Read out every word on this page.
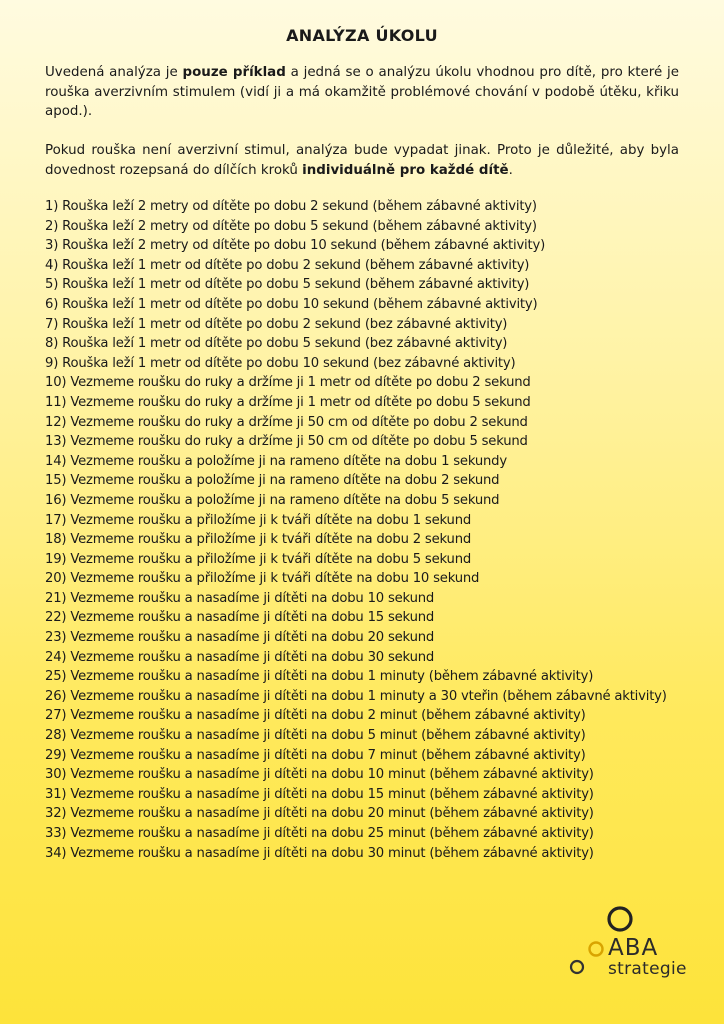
ANALÝZA ÚKOLU

Uvedená analýza je pouze příklad a jedná se o analýzu úkolu vhodnou pro dítě, pro které je rouška averzivním stimulem (vidí ji a má okamžitě problémové chování v podobě útěku, křiku apod.).

Pokud rouška není averzivní stimul, analýza bude vypadat jinak. Proto je důležité, aby byla dovednost rozepsaná do dílčích kroků individuálně pro každé dítě.

1) Rouška leží 2 metry od dítěte po dobu 2 sekund (během zábavné aktivity)
2) Rouška leží 2 metry od dítěte po dobu 5 sekund (během zábavné aktivity)
3) Rouška leží 2 metry od dítěte po dobu 10 sekund (během zábavné aktivity)
4) Rouška leží 1 metr od dítěte po dobu 2 sekund (během zábavné aktivity)
5) Rouška leží 1 metr od dítěte po dobu 5 sekund (během zábavné aktivity)
6) Rouška leží 1 metr od dítěte po dobu 10 sekund (během zábavné aktivity)
7) Rouška leží 1 metr od dítěte po dobu 2 sekund (bez zábavné aktivity)
8) Rouška leží 1 metr od dítěte po dobu 5 sekund (bez zábavné aktivity)
9) Rouška leží 1 metr od dítěte po dobu 10 sekund (bez zábavné aktivity)
10) Vezmeme roušku do ruky a držíme ji 1 metr od dítěte po dobu 2 sekund
11) Vezmeme roušku do ruky a držíme ji 1 metr od dítěte po dobu 5 sekund
12) Vezmeme roušku do ruky a držíme ji 50 cm od dítěte po dobu 2 sekund
13) Vezmeme roušku do ruky a držíme ji 50 cm od dítěte po dobu 5 sekund
14) Vezmeme roušku a položíme ji na rameno dítěte na dobu 1 sekundy
15) Vezmeme roušku a položíme ji na rameno dítěte na dobu 2 sekund
16) Vezmeme roušku a položíme ji na rameno dítěte na dobu 5 sekund
17) Vezmeme roušku a přiložíme ji k tváři dítěte na dobu 1 sekund
18) Vezmeme roušku a přiložíme ji k tváři dítěte na dobu 2 sekund
19) Vezmeme roušku a přiložíme ji k tváři dítěte na dobu 5 sekund
20) Vezmeme roušku a přiložíme ji k tváři dítěte na dobu 10 sekund
21) Vezmeme roušku a nasadíme ji dítěti na dobu 10 sekund
22) Vezmeme roušku a nasadíme ji dítěti na dobu 15 sekund
23) Vezmeme roušku a nasadíme ji dítěti na dobu 20 sekund
24) Vezmeme roušku a nasadíme ji dítěti na dobu 30 sekund
25) Vezmeme roušku a nasadíme ji dítěti na dobu 1 minuty (během zábavné aktivity)
26) Vezmeme roušku a nasadíme ji dítěti na dobu 1 minuty a 30 vteřin (během zábavné aktivity)
27) Vezmeme roušku a nasadíme ji dítěti na dobu 2 minut (během zábavné aktivity)
28) Vezmeme roušku a nasadíme ji dítěti na dobu 5 minut (během zábavné aktivity)
29) Vezmeme roušku a nasadíme ji dítěti na dobu 7 minut (během zábavné aktivity)
30) Vezmeme roušku a nasadíme ji dítěti na dobu 10 minut (během zábavné aktivity)
31) Vezmeme roušku a nasadíme ji dítěti na dobu 15 minut (během zábavné aktivity)
32) Vezmeme roušku a nasadíme ji dítěti na dobu 20 minut (během zábavné aktivity)
33) Vezmeme roušku a nasadíme ji dítěti na dobu 25 minut (během zábavné aktivity)
34) Vezmeme roušku a nasadíme ji dítěti na dobu 30 minut (během zábavné aktivity)
ABA
strategie
